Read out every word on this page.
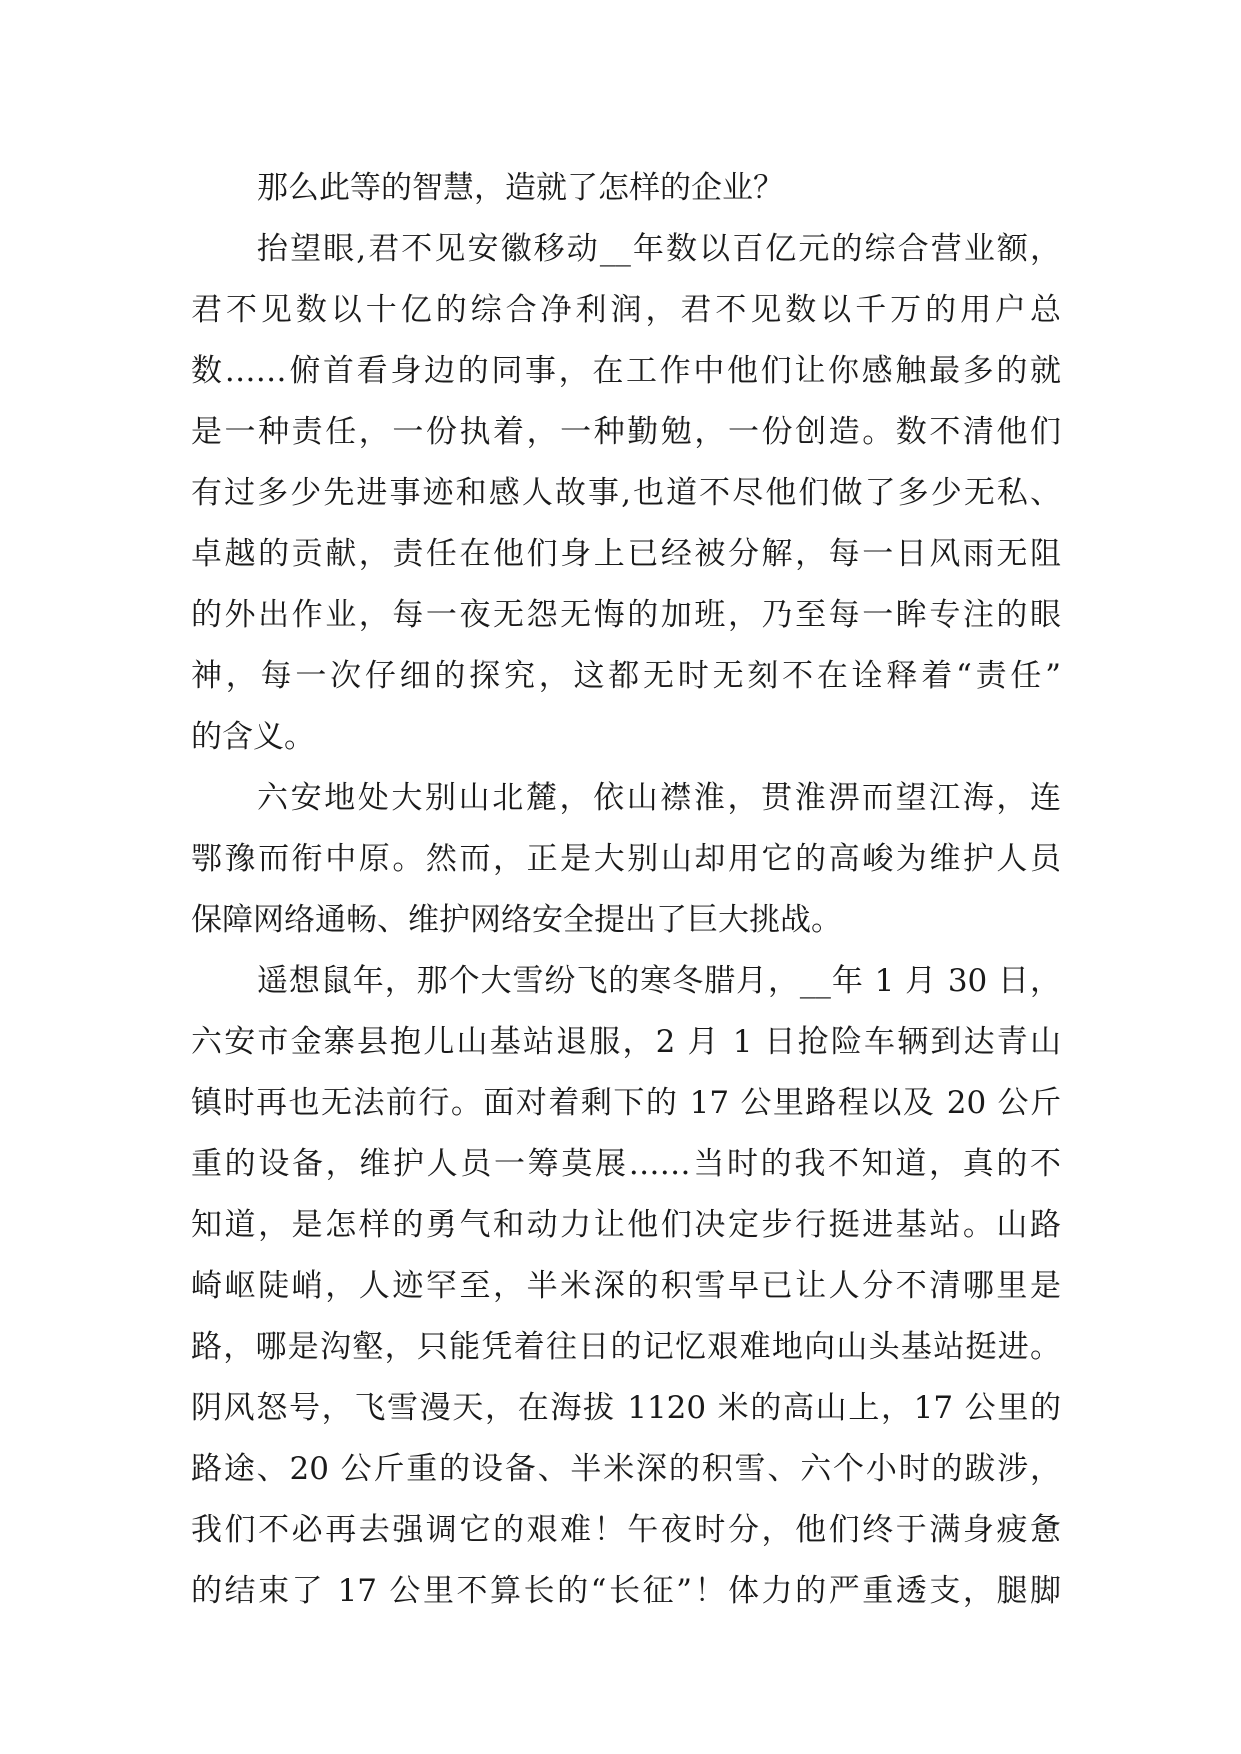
那么此等的智慧，造就了怎样的企业？
抬望眼,君不见安徽移动__年数以百亿元的综合营业额，
君不见数以十亿的综合净利润，君不见数以千万的用户总
数……俯首看身边的同事，在工作中他们让你感触最多的就
是一种责任，一份执着，一种勤勉，一份创造。数不清他们
有过多少先进事迹和感人故事,也道不尽他们做了多少无私、
卓越的贡献，责任在他们身上已经被分解，每一日风雨无阻
的外出作业，每一夜无怨无悔的加班，乃至每一眸专注的眼
神，每一次仔细的探究，这都无时无刻不在诠释着“责任”
的含义。
六安地处大别山北麓，依山襟淮，贯淮淠而望江海，连
鄂豫而衔中原。然而，正是大别山却用它的高峻为维护人员
保障网络通畅、维护网络安全提出了巨大挑战。
遥想鼠年，那个大雪纷飞的寒冬腊月，__年 1 月 30 日，
六安市金寨县抱儿山基站退服，2 月 1 日抢险车辆到达青山
镇时再也无法前行。面对着剩下的 17 公里路程以及 20 公斤
重的设备，维护人员一筹莫展……当时的我不知道，真的不
知道，是怎样的勇气和动力让他们决定步行挺进基站。山路
崎岖陡峭，人迹罕至，半米深的积雪早已让人分不清哪里是
路，哪是沟壑，只能凭着往日的记忆艰难地向山头基站挺进。
阴风怒号，飞雪漫天，在海拔 1120 米的高山上，17 公里的
路途、20 公斤重的设备、半米深的积雪、六个小时的跋涉，
我们不必再去强调它的艰难！午夜时分，他们终于满身疲惫
的结束了 17 公里不算长的“长征”！体力的严重透支，腿脚
